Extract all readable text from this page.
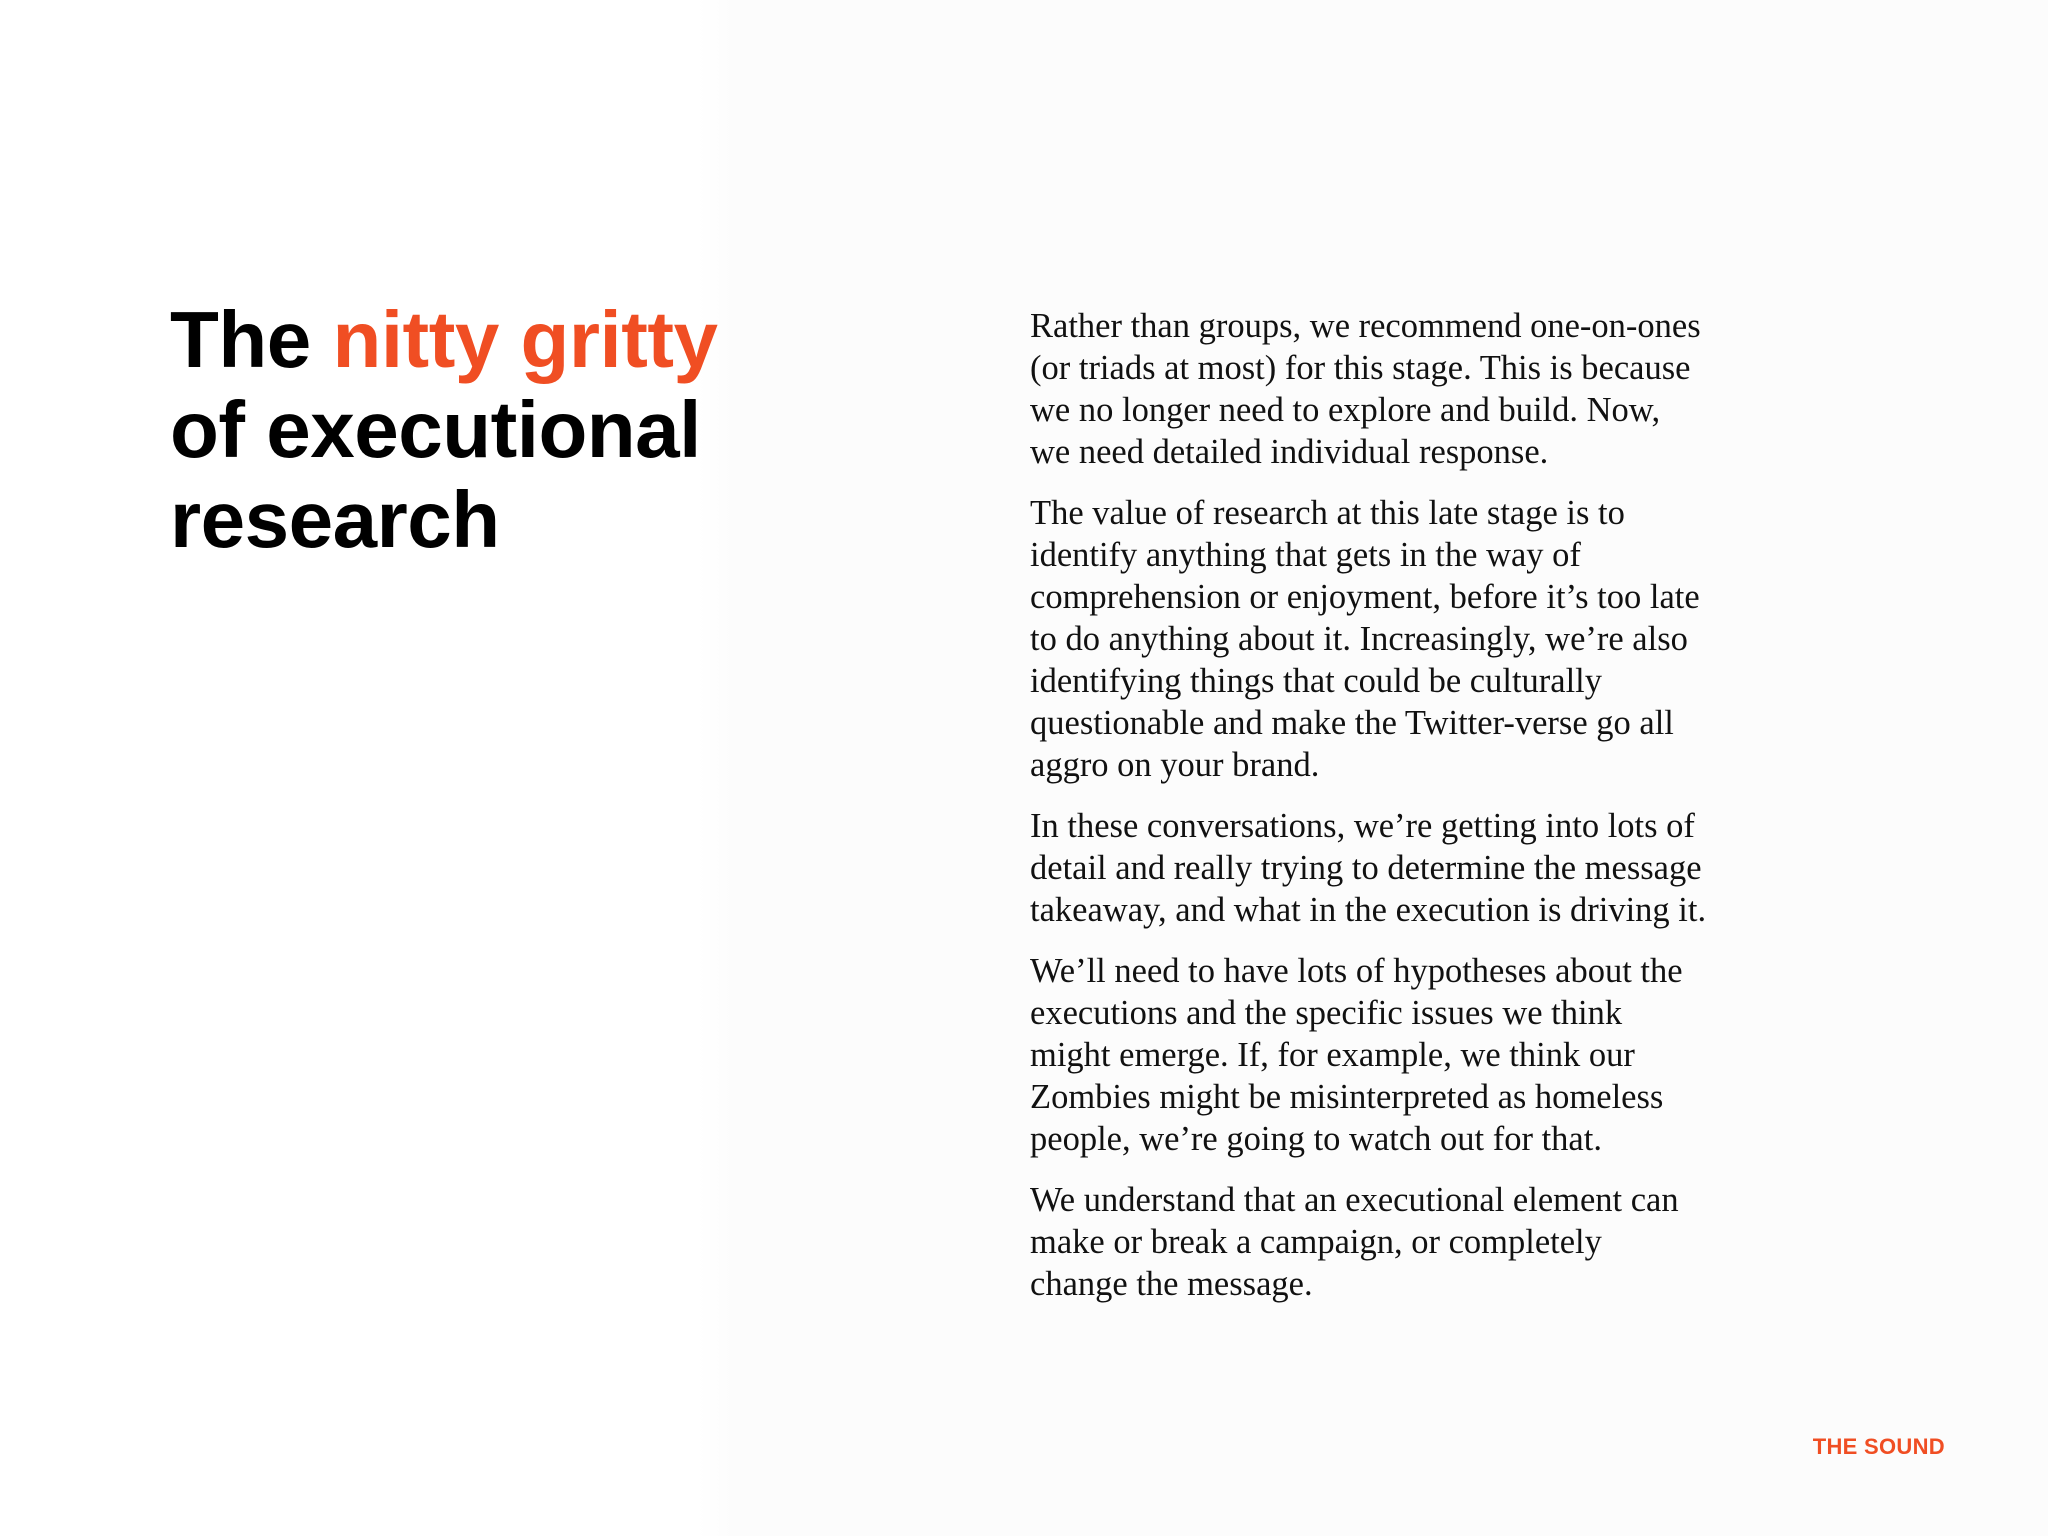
The nitty gritty
of executional
research

Rather than groups, we recommend one-on-ones
(or triads at most) for this stage. This is because
we no longer need to explore and build. Now,
we need detailed individual response.

The value of research at this late stage is to
identify anything that gets in the way of
comprehension or enjoyment, before it’s too late
to do anything about it. Increasingly, we’re also
identifying things that could be culturally
questionable and make the Twitter-verse go all
aggro on your brand.

In these conversations, we’re getting into lots of
detail and really trying to determine the message
takeaway, and what in the execution is driving it.

We’ll need to have lots of hypotheses about the
executions and the specific issues we think
might emerge. If, for example, we think our
Zombies might be misinterpreted as homeless
people, we’re going to watch out for that.

We understand that an executional element can
make or break a campaign, or completely
change the message.

THE SOUND
